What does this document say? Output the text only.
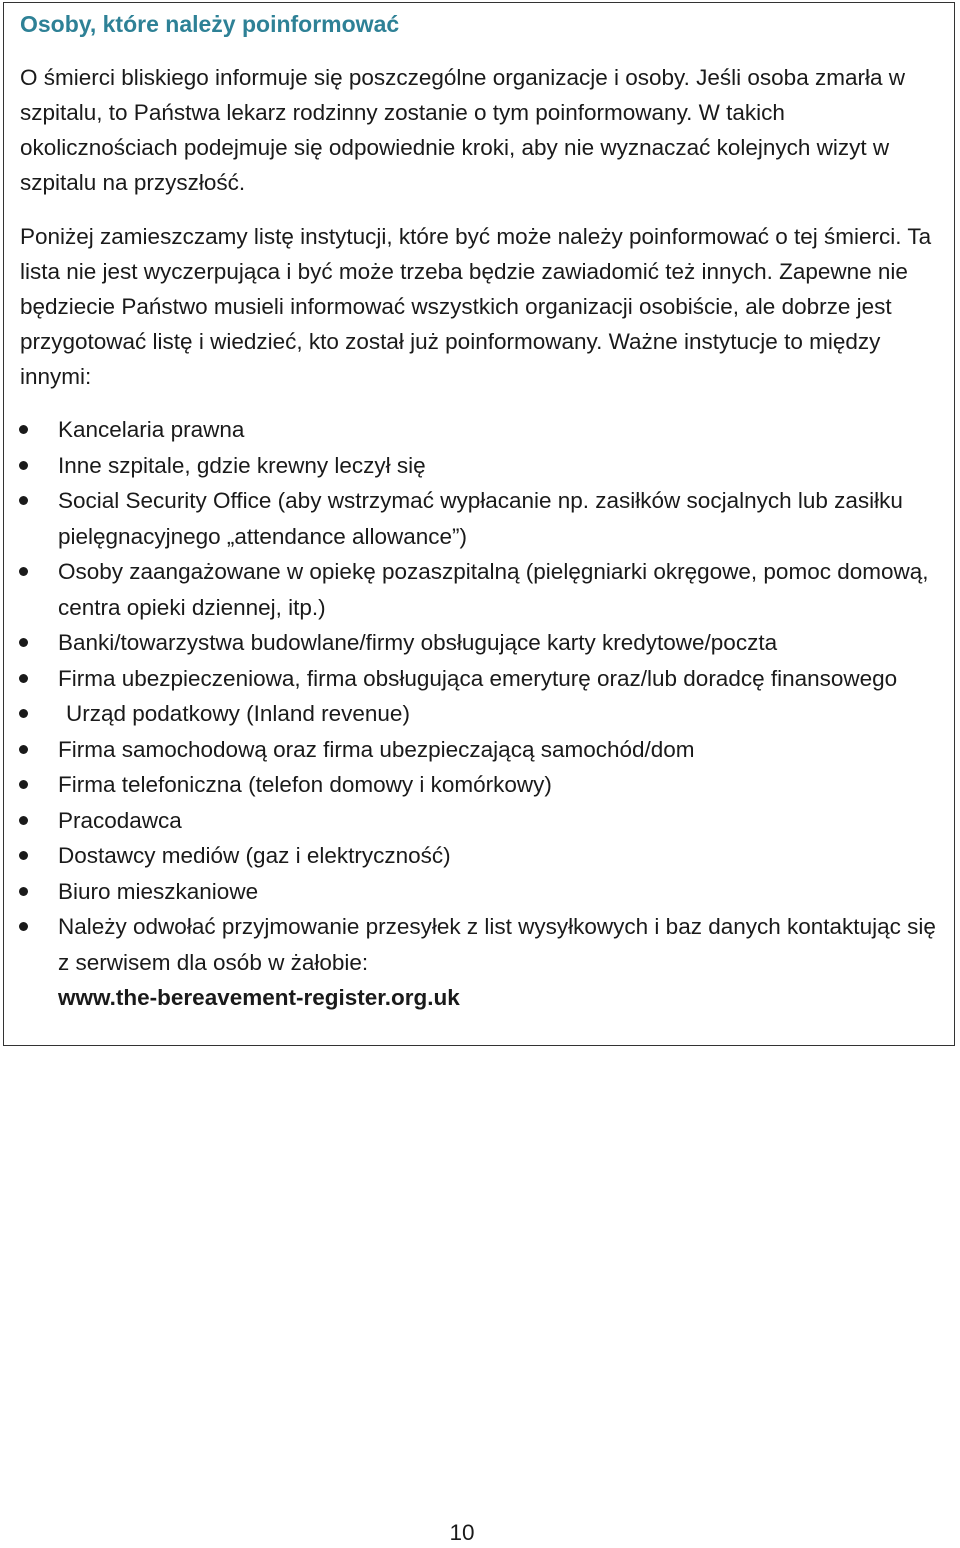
Osoby, które należy poinformować

O śmierci bliskiego informuje się poszczególne organizacje i osoby. Jeśli osoba zmarła w szpitalu, to Państwa lekarz rodzinny zostanie o tym poinformowany. W takich okolicznościach podejmuje się odpowiednie kroki, aby nie wyznaczać kolejnych wizyt w szpitalu na przyszłość.

Poniżej zamieszczamy listę instytucji, które być może należy poinformować o tej śmierci. Ta lista nie jest wyczerpująca i być może trzeba będzie zawiadomić też innych. Zapewne nie będziecie Państwo musieli informować wszystkich organizacji osobiście, ale dobrze jest przygotować listę i wiedzieć, kto został już poinformowany. Ważne instytucje to między innymi:

Kancelaria prawna
Inne szpitale, gdzie krewny leczył się
Social Security Office (aby wstrzymać wypłacanie np. zasiłków socjalnych lub zasiłku pielęgnacyjnego „attendance allowance”)
Osoby zaangażowane w opiekę pozaszpitalną (pielęgniarki okręgowe, pomoc domową, centra opieki dziennej, itp.)
Banki/towarzystwa budowlane/firmy obsługujące karty kredytowe/poczta
Firma ubezpieczeniowa, firma obsługująca emeryturę oraz/lub doradcę finansowego
Urząd podatkowy (Inland revenue)
Firma samochodową oraz firma ubezpieczającą samochód/dom
Firma telefoniczna (telefon domowy i komórkowy)
Pracodawca
Dostawcy mediów (gaz i elektryczność)
Biuro mieszkaniowe
Należy odwołać przyjmowanie przesyłek z list wysyłkowych i baz danych kontaktując się z serwisem dla osób w żałobie:
www.the-bereavement-register.org.uk

10
